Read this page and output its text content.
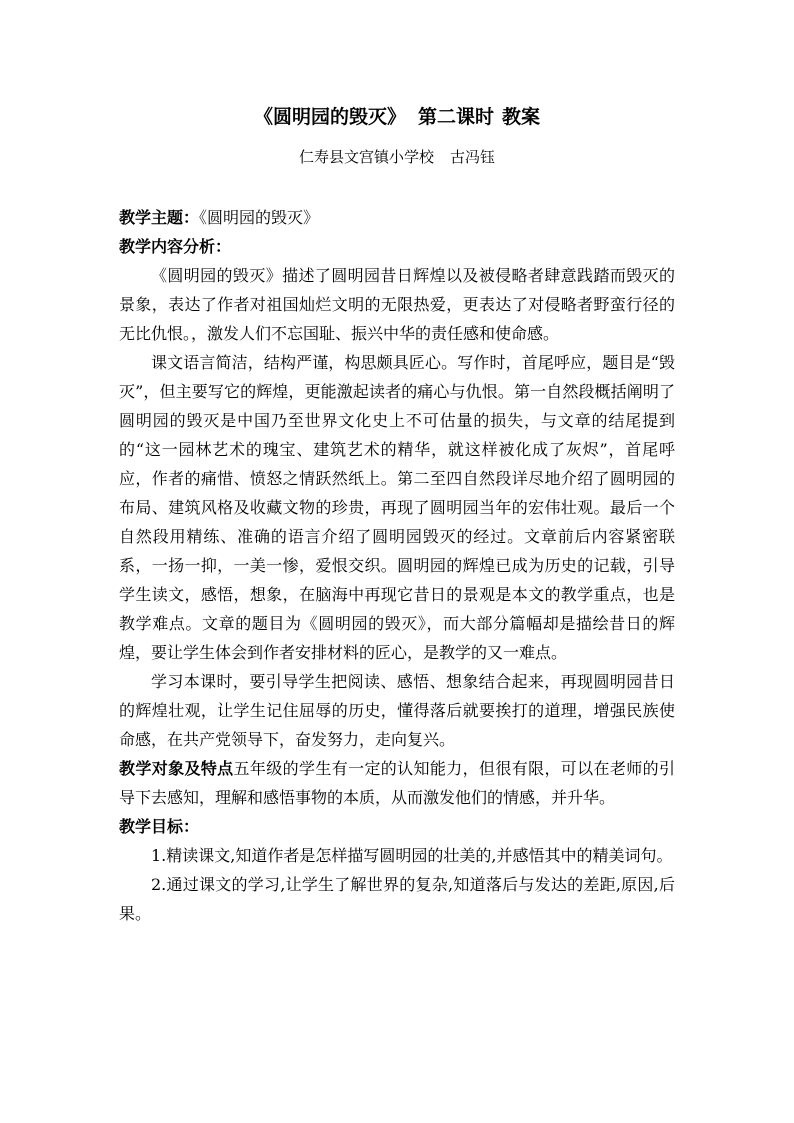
《圆明园的毁灭》 第二课时 教案
仁寿县文宫镇小学校 古冯钰
教学主题：《圆明园的毁灭》
教学内容分析：

《圆明园的毁灭》描述了圆明园昔日辉煌以及被侵略者肆意践踏而毁灭的景象，表达了作者对祖国灿烂文明的无限热爱，更表达了对侵略者野蛮行径的无比仇恨。，激发人们不忘国耻、振兴中华的责任感和使命感。

课文语言简洁，结构严谨，构思颇具匠心。写作时，首尾呼应，题目是“毁灭”，但主要写它的辉煌，更能激起读者的痛心与仇恨。第一自然段概括阐明了圆明园的毁灭是中国乃至世界文化史上不可估量的损失，与文章的结尾提到的“这一园林艺术的瑰宝、建筑艺术的精华，就这样被化成了灰烬”，首尾呼应，作者的痛惜、愤怒之情跃然纸上。第二至四自然段详尽地介绍了圆明园的布局、建筑风格及收藏文物的珍贵，再现了圆明园当年的宏伟壮观。最后一个自然段用精练、准确的语言介绍了圆明园毁灭的经过。文章前后内容紧密联系，一扬一抑，一美一惨，爱恨交织。圆明园的辉煌已成为历史的记载，引导学生读文，感悟，想象，在脑海中再现它昔日的景观是本文的教学重点，也是教学难点。文章的题目为《圆明园的毁灭》，而大部分篇幅却是描绘昔日的辉煌，要让学生体会到作者安排材料的匠心，是教学的又一难点。

学习本课时，要引导学生把阅读、感悟、想象结合起来，再现圆明园昔日的辉煌壮观，让学生记住屈辱的历史，懂得落后就要挨打的道理，增强民族使命感，在共产党领导下，奋发努力，走向复兴。

教学对象及特点五年级的学生有一定的认知能力，但很有限，可以在老师的引导下去感知，理解和感悟事物的本质，从而激发他们的情感，并升华。

教学目标：

1.精读课文,知道作者是怎样描写圆明园的壮美的,并感悟其中的精美词句。

2.通过课文的学习,让学生了解世界的复杂,知道落后与发达的差距,原因,后果。
